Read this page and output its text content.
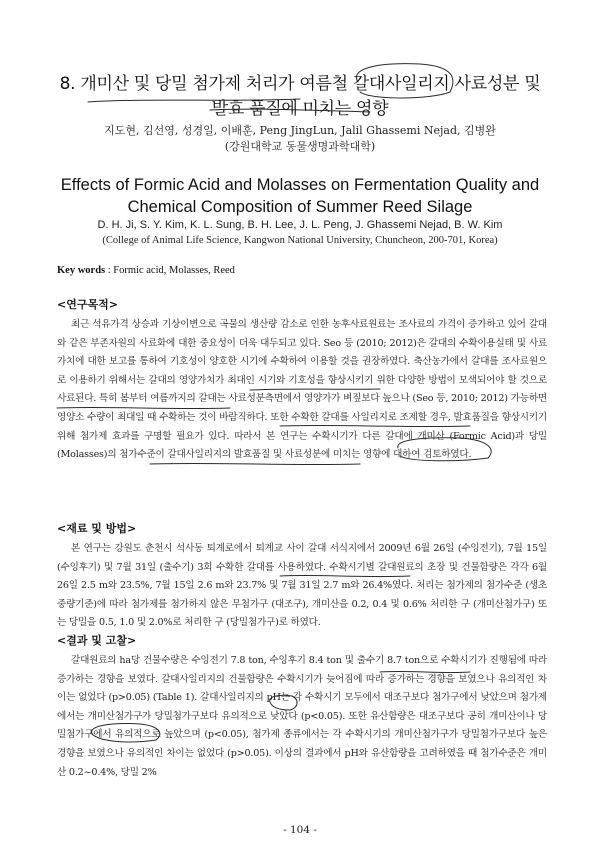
8. 개미산 및 당밀 첨가제 처리가 여름철 갈대사일리지 사료성분 및
발효 품질에 미치는 영향
지도현, 김선영, 성경일, 이배훈, Peng JingLun, Jalil Ghassemi Nejad, 김병완
(강원대학교 동물생명과학대학)
Effects of Formic Acid and Molasses on Fermentation Quality and
Chemical Composition of Summer Reed Silage
D. H. Ji, S. Y. Kim, K. L. Sung, B. H. Lee, J. L. Peng, J. Ghassemi Nejad, B. W. Kim
(College of Animal Life Science, Kangwon National University, Chuncheon, 200-701, Korea)
Key words : Formic acid, Molasses, Reed
<연구목적>
최근 석유가격 상승과 기상이변으로 곡물의 생산량 감소로 인한 농후사료원료는 조사료의 가격이 증가하고 있어 갈대와 같은 부존자원의 사료화에 대한 중요성이 더욱 대두되고 있다. Seo 등 (2010; 2012)은 갈대의 수확이용실태 및 사료가치에 대한 보고를 통하여 기호성이 양호한 시기에 수확하여 이용할 것을 권장하였다. 축산농가에서 갈대를 조사료원으로 이용하기 위해서는 갈대의 영양가치가 최대인 시기와 기호성을 향상시키기 위한 다양한 방법이 모색되어야 할 것으로 사료된다. 특히 봄부터 여름까지의 갈대는 사료성분측면에서 영양가가 벼짚보다 높으나 (Seo 등, 2010; 2012) 가능하면 영양소 수량이 최대일 때 수확하는 것이 바람직하다. 또한 수확한 갈대를 사일리지로 조제할 경우, 발효품질을 향상시키기 위해 첨가제 효과를 구명할 필요가 있다. 따라서 본 연구는 수확시기가 다른 갈대에 개미산 (Formic Acid)과 당밀 (Molasses)의 첨가수준이 갈대사일리지의 발효품질 및 사료성분에 미치는 영향에 대하여 검토하였다.
<재료 및 방법>
본 연구는 강원도 춘천시 석사동 퇴계로에서 퇴계교 사이 갈대 서식지에서 2009년 6월 26일 (수잉전기), 7월 15일 (수잉후기) 및 7월 31일 (출수기) 3회 수확한 갈대를 사용하였다. 수확시기별 갈대원료의 초장 및 건물함량은 각각 6월 26일 2.5 m와 23.5%, 7월 15일 2.6 m와 23.7% 및 7월 31일 2.7 m와 26.4%였다. 처리는 첨가제의 첨가수준 (생초중량기준)에 따라 첨가제를 첨가하지 않은 무첨가구 (대조구), 개미산을 0.2, 0.4 및 0.6% 처리한 구 (개미산첨가구) 또는 당밀을 0.5, 1.0 및 2.0%로 처리한 구 (당밀첨가구)로 하였다.
<결과 및 고찰>
갈대원료의 ha당 건물수량은 수잉전기 7.8 ton, 수잉후기 8.4 ton 및 출수기 8.7 ton으로 수확시기가 진행됨에 따라 증가하는 경향을 보였다. 갈대사일리지의 건물함량은 수확시기가 늦어짐에 따라 증가하는 경향을 보였으나 유의적인 차이는 없었다 (p>0.05) (Table 1). 갈대사일리지의 pH는 각 수확시기 모두에서 대조구보다 첨가구에서 낮았으며 첨가제에서는 개미산첨가구가 당밀첨가구보다 유의적으로 낮았다 (p<0.05). 또한 유산함량은 대조구보다 공히 개미산이나 당밀첨가구에서 유의적으로 높았으며 (p<0.05), 첨가제 종류에서는 각 수확시기의 개미산첨가구가 당밀첨가구보다 높은 경향을 보였으나 유의적인 차이는 없었다 (p>0.05). 이상의 결과에서 pH와 유산함량을 고려하였을 때 첨가수준은 개미산 0.2~0.4%, 당밀 2%
- 104 -
